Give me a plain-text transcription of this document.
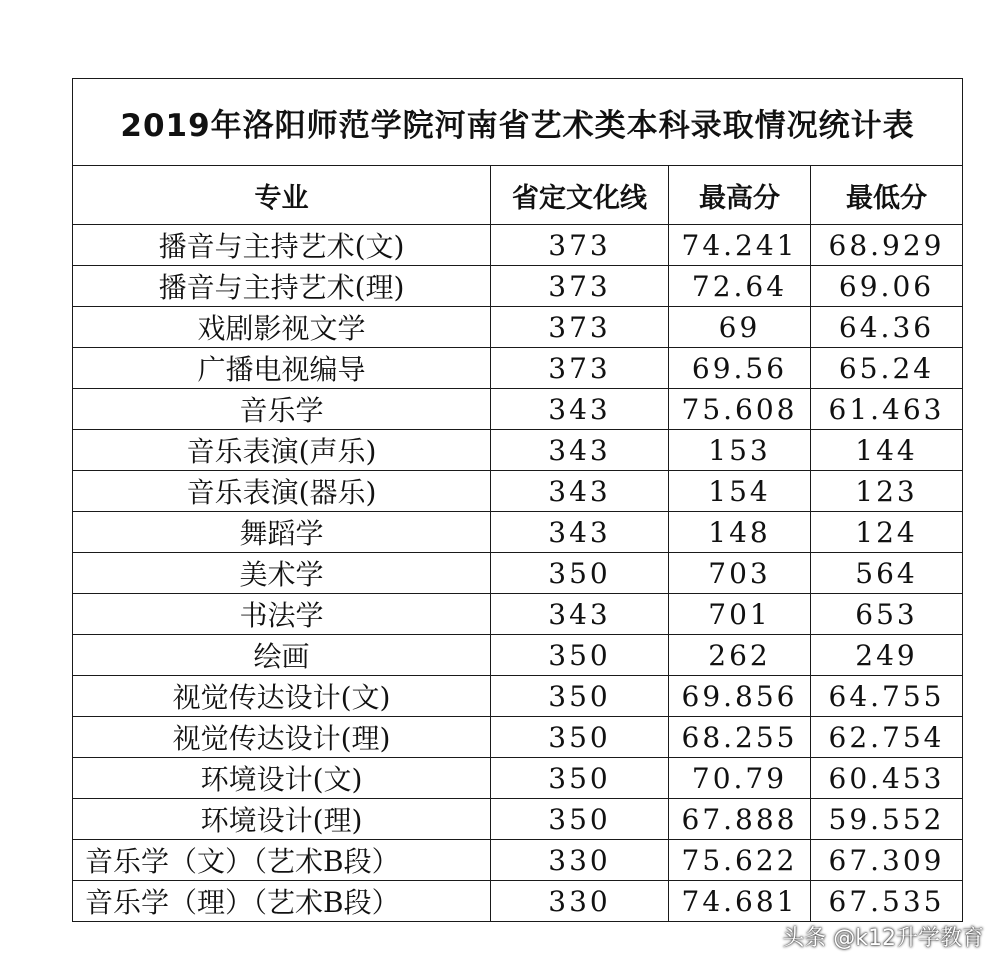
2019年洛阳师范学院河南省艺术类本科录取情况统计表			
专业	省定文化线	最高分	最低分
播音与主持艺术(文)	373	74.241	68.929
播音与主持艺术(理)	373	72.64	69.06
戏剧影视文学	373	69	64.36
广播电视编导	373	69.56	65.24
音乐学	343	75.608	61.463
音乐表演(声乐)	343	153	144
音乐表演(器乐)	343	154	123
舞蹈学	343	148	124
美术学	350	703	564
书法学	343	701	653
绘画	350	262	249
视觉传达设计(文)	350	69.856	64.755
视觉传达设计(理)	350	68.255	62.754
环境设计(文)	350	70.79	60.453
环境设计(理)	350	67.888	59.552
音乐学（文）（艺术B段）	330	75.622	67.309
音乐学（理）（艺术B段）	330	74.681	67.535
头条 @k12升学教育
